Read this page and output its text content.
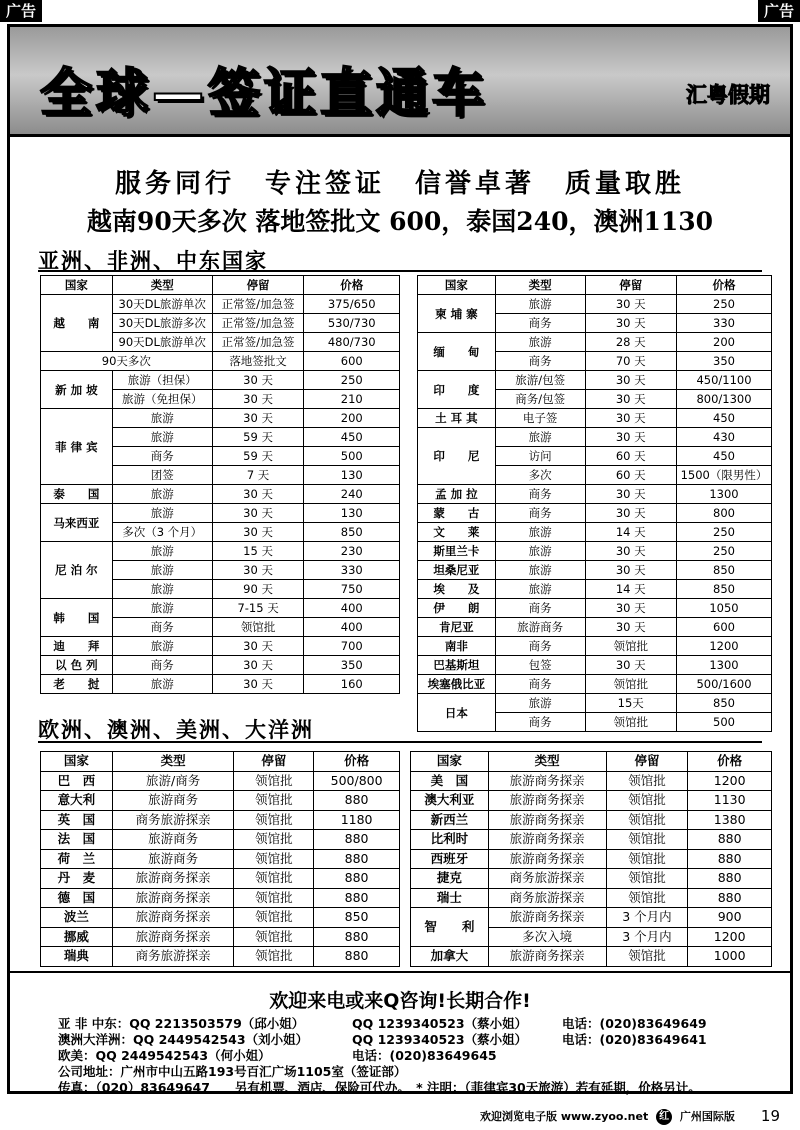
广告	广告
全球—签证直通车	汇粤假期
服务同行　专注签证　信誉卓著　质量取胜
越南90天多次 落地签批文 600，泰国240，澳洲1130
亚洲、非洲、中东国家
国家	类型	停留	价格
越　　南	30天DL旅游单次	正常签/加急签	375/650
	30天DL旅游多次	正常签/加急签	530/730
	90天DL旅游单次	正常签/加急签	480/730
90天多次		落地签批文	600
新 加 坡	旅游（担保）	30 天	250
	旅游（免担保）	30 天	210
菲 律 宾	旅游	30 天	200
	旅游	59 天	450
	商务	59 天	500
	团签	7 天	130
泰　　国	旅游	30 天	240
马来西亚	旅游	30 天	130
	多次（3 个月）	30 天	850
尼 泊 尔	旅游	15 天	230
	旅游	30 天	330
	旅游	90 天	750
韩　　国	旅游	7-15 天	400
	商务	领馆批	400
迪　　拜	旅游	30 天	700
以 色 列	商务	30 天	350
老　　挝	旅游	30 天	160
国家	类型	停留	价格
柬 埔 寨	旅游	30 天	250
	商务	30 天	330
缅　　甸	旅游	28 天	200
	商务	70 天	350
印　　度	旅游/包签	30 天	450/1100
	商务/包签	30 天	800/1300
土 耳 其	电子签	30 天	450
印　　尼	旅游	30 天	430
	访问	60 天	450
	多次	60 天	1500（限男性）
孟 加 拉	商务	30 天	1300
蒙　　古	商务	30 天	800
文　　莱	旅游	14 天	250
斯里兰卡	旅游	30 天	250
坦桑尼亚	旅游	30 天	850
埃　　及	旅游	14 天	850
伊　　朗	商务	30 天	1050
肯尼亚	旅游商务	30 天	600
南非	商务	领馆批	1200
巴基斯坦	包签	30 天	1300
埃塞俄比亚	商务	领馆批	500/1600
日本	旅游	15天	850
	商务	领馆批	500
欧洲、澳洲、美洲、大洋洲
国家	类型	停留	价格
巴　西	旅游/商务	领馆批	500/800
意大利	旅游商务	领馆批	880
英　国	商务旅游探亲	领馆批	1180
法　国	旅游商务	领馆批	880
荷　兰	旅游商务	领馆批	880
丹　麦	旅游商务探亲	领馆批	880
德　国	旅游商务探亲	领馆批	880
波兰	旅游商务探亲	领馆批	850
挪威	旅游商务探亲	领馆批	880
瑞典	商务旅游探亲	领馆批	880
国家	类型	停留	价格
美　国	旅游商务探亲	领馆批	1200
澳大利亚	旅游商务探亲	领馆批	1130
新西兰	旅游商务探亲	领馆批	1380
比利时	旅游商务探亲	领馆批	880
西班牙	旅游商务探亲	领馆批	880
捷克	商务旅游探亲	领馆批	880
瑞士	商务旅游探亲	领馆批	880
智　　利	旅游商务探亲	3 个月内	900
	多次入境	3 个月内	1200
加拿大	旅游商务探亲	领馆批	1000
欢迎来电或来Q咨询!长期合作!
亚 非 中东：QQ 2213503579（邱小姐）	QQ 1239340523（蔡小姐）	电话：(020)83649649
澳洲大洋洲：QQ 2449542543（刘小姐）	QQ 1239340523（蔡小姐）	电话：(020)83649641
欧美：QQ 2449542543（何小姐）	电话：(020)83649645
公司地址：广州市中山五路193号百汇广场1105室（签证部）
传真：（020）83649647　　另有机票、酒店、保险可代办。　* 注明：（菲律宾30天旅游）若有延期，价格另计。
欢迎浏览电子版 www.zyoo.net 红 广州国际版 19
